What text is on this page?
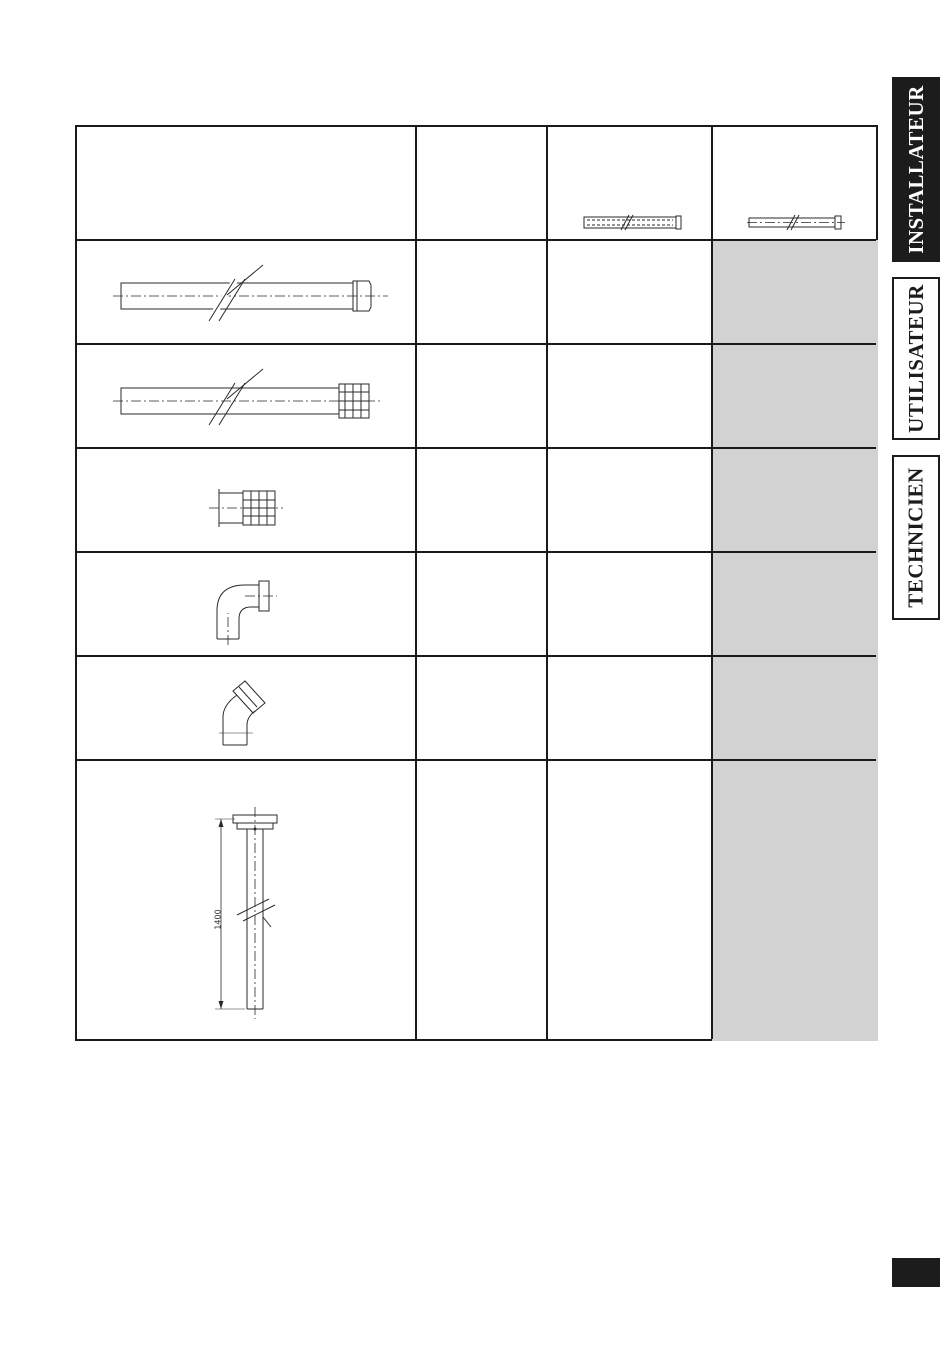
1400
INSTALLATEUR
UTILISATEUR
TECHNICIEN
